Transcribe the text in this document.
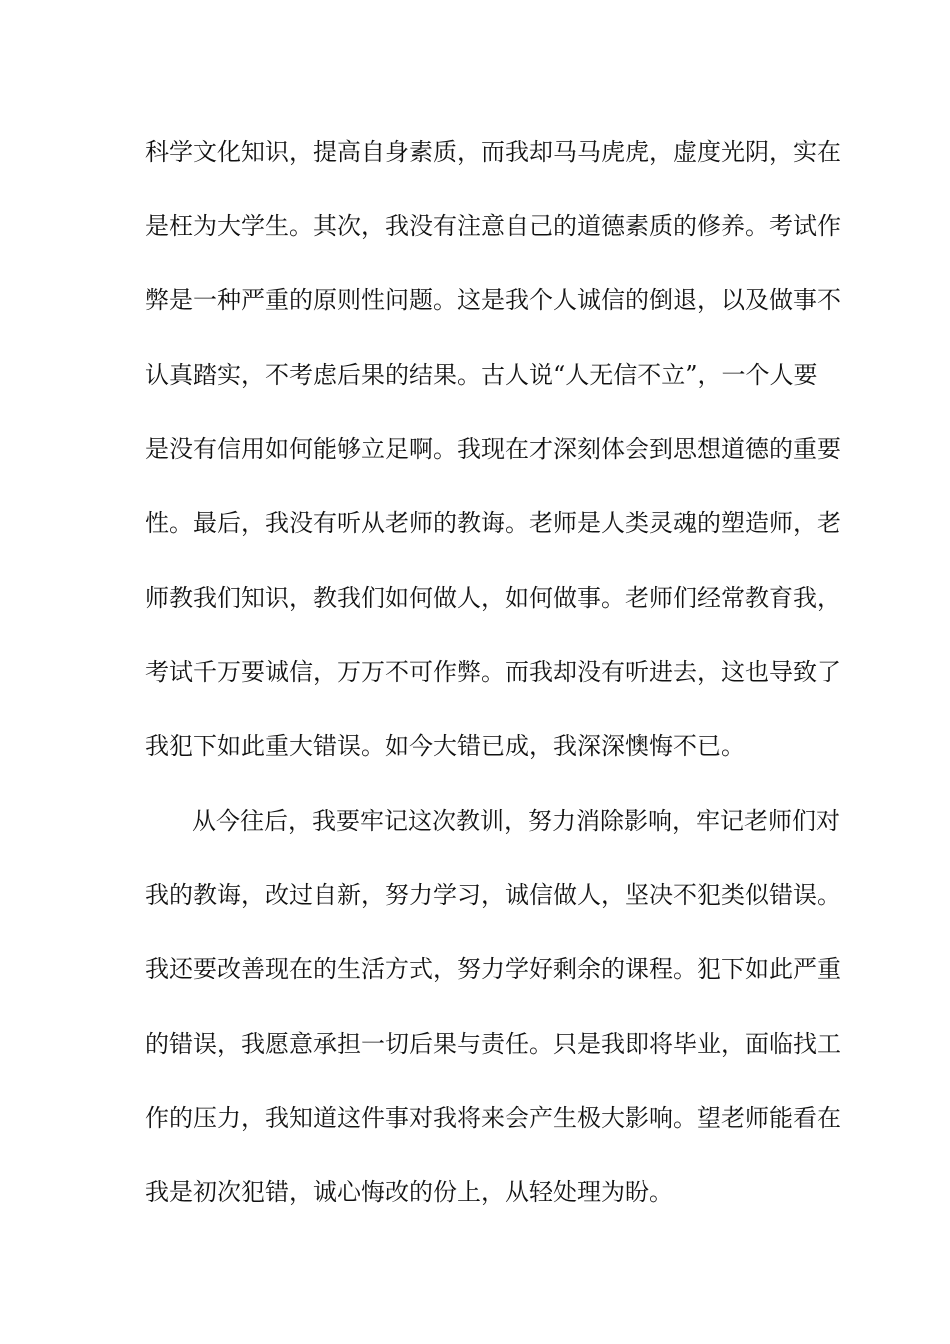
科学文化知识，提高自身素质，而我却马马虎虎，虚度光阴，实在
是枉为大学生。其次，我没有注意自己的道德素质的修养。考试作
弊是一种严重的原则性问题。这是我个人诚信的倒退，以及做事不
认真踏实，不考虑后果的结果。古人说“人无信不立”，一个人要
是没有信用如何能够立足啊。我现在才深刻体会到思想道德的重要
性。最后，我没有听从老师的教诲。老师是人类灵魂的塑造师，老
师教我们知识，教我们如何做人，如何做事。老师们经常教育我，
考试千万要诚信，万万不可作弊。而我却没有听进去，这也导致了
我犯下如此重大错误。如今大错已成，我深深懊悔不已。
从今往后，我要牢记这次教训，努力消除影响，牢记老师们对
我的教诲，改过自新，努力学习，诚信做人，坚决不犯类似错误。
我还要改善现在的生活方式，努力学好剩余的课程。犯下如此严重
的错误，我愿意承担一切后果与责任。只是我即将毕业，面临找工
作的压力，我知道这件事对我将来会产生极大影响。望老师能看在
我是初次犯错，诚心悔改的份上，从轻处理为盼。
